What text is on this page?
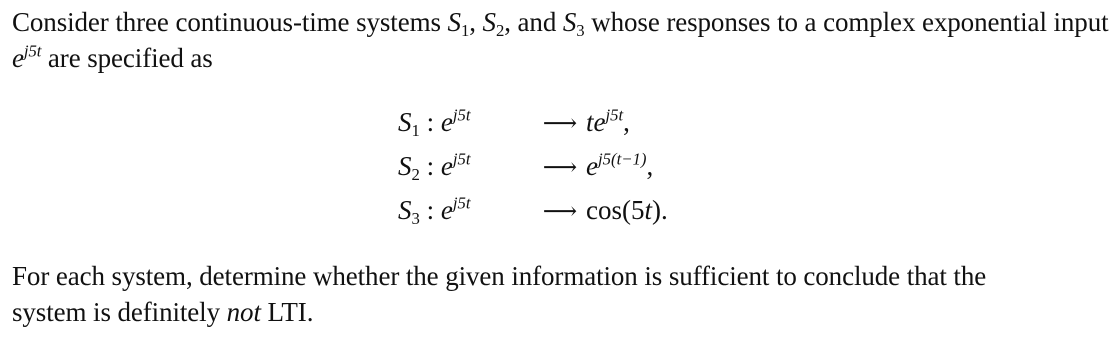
Consider three continuous-time systems $S_1$, $S_2$, and $S_3$ whose responses to a complex exponential input
$e^{j5t}$ are specified as

$S_1$ : $e^{j5t}$	⟶ $te^{j5t}$,
$S_2$ : $e^{j5t}$	⟶ $e^{j5(t-1)}$,
$S_3$ : $e^{j5t}$	⟶ cos(5t).

For each system, determine whether the given information is sufficient to conclude that the system is definitely not LTI.
